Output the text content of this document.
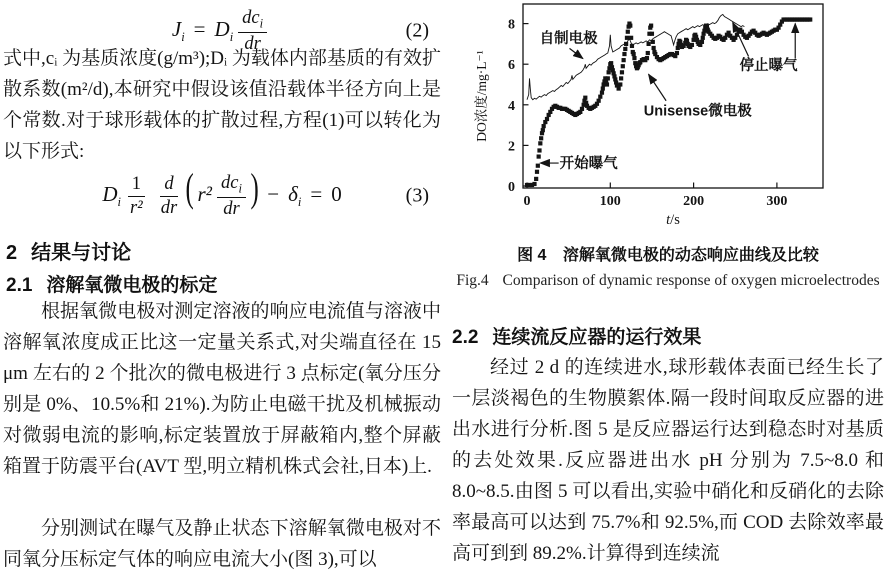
$J_i = D_i \frac{dc_i}{dr}$	(2)

式中,cᵢ 为基质浓度(g/m³);Dᵢ 为载体内部基质的有效扩散系数(m²/d),本研究中假设该值沿载体半径方向上是个常数.对于球形载体的扩散过程,方程(1)可以转化为以下形式:

$D_i \frac{1}{\text{r²}} \frac{d}{dr}$ ( $r^2 \frac{dc_i}{dr}$ ) − $\delta_i = 0$	(3)
2 结果与讨论
2.1 溶解氧微电极的标定

根据氧微电极对测定溶液的响应电流值与溶液中溶解氧浓度成正比这一定量关系式,对尖端直径在 15 μm 左右的 2 个批次的微电极进行 3 点标定(氧分压分别是 0%、10.5%和 21%).为防止电磁干扰及机械振动对微弱电流的影响,标定装置放于屏蔽箱内,整个屏蔽箱置于防震平台(AVT 型,明立精机株式会社,日本)上.

分别测试在曝气及静止状态下溶解氧微电极对不同氧分压标定气体的响应电流大小(图 3),可以

0	100	200	300
0
2
4
6
8
DO浓度/mg·L⁻¹
t/s
自制电极
开始曝气
Unisense微电极
停止曝气
图 4 溶解氧微电极的动态响应曲线及比较
Fig.4 Comparison of dynamic response of oxygen microelectrodes
2.2 连续流反应器的运行效果

经过 2 d 的连续进水,球形载体表面已经生长了一层淡褐色的生物膜絮体.隔一段时间取反应器的进出水进行分析.图 5 是反应器运行达到稳态时对基质的去处效果.反应器进出水 pH 分别为 7.5~8.0 和 8.0~8.5.由图 5 可以看出,实验中硝化和反硝化的去除率最高可以达到 75.7%和 92.5%,而 COD 去除效率最高可到到 89.2%.计算得到连续流
